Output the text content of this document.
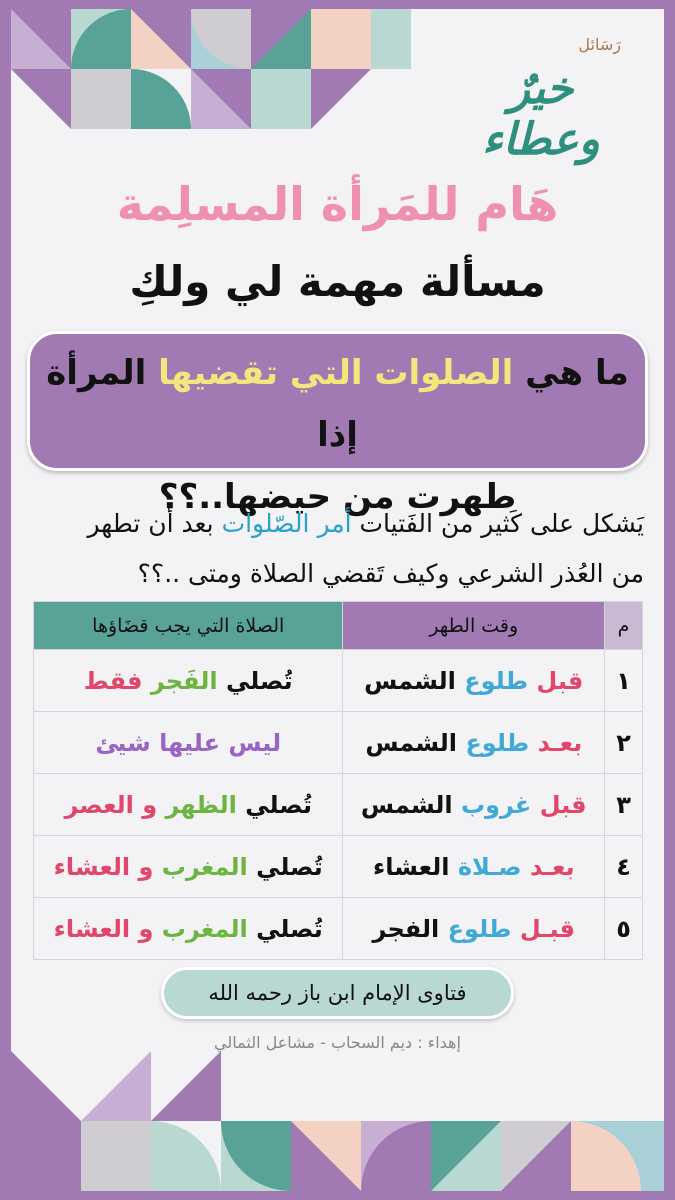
رَسَائل
خيرٌ وعطاء
هَام للمَرأة المسلِمة
مسألة مهمة لي ولكِ
ما هي الصلوات التي تقضيها المرأة إذا
طهرت من حيضها..؟؟
يَشكل على كَثير من الفَتيات أمر الصّلوات بعد أن تطهر
من العُذر الشرعي وكيف تَقضي الصلاة ومتى ..؟؟
م	وقت الطهر	الصلاة التي يجب قضَاؤها
١	قبل طلوع الشمس	تُصلي الفَجر فقط
٢	بعـد طلوع الشمس	ليس عليها شيئ
٣	قبل غروب الشمس	تُصلي الظهر و العصر
٤	بعـد صـلاة العشاء	تُصلي المغرب و العشاء
٥	قبـل طلوع الفجر	تُصلي المغرب و العشاء
فتاوى الإمام ابن باز رحمه الله
إهداء : ديم السحاب - مشاعل الثمالي
